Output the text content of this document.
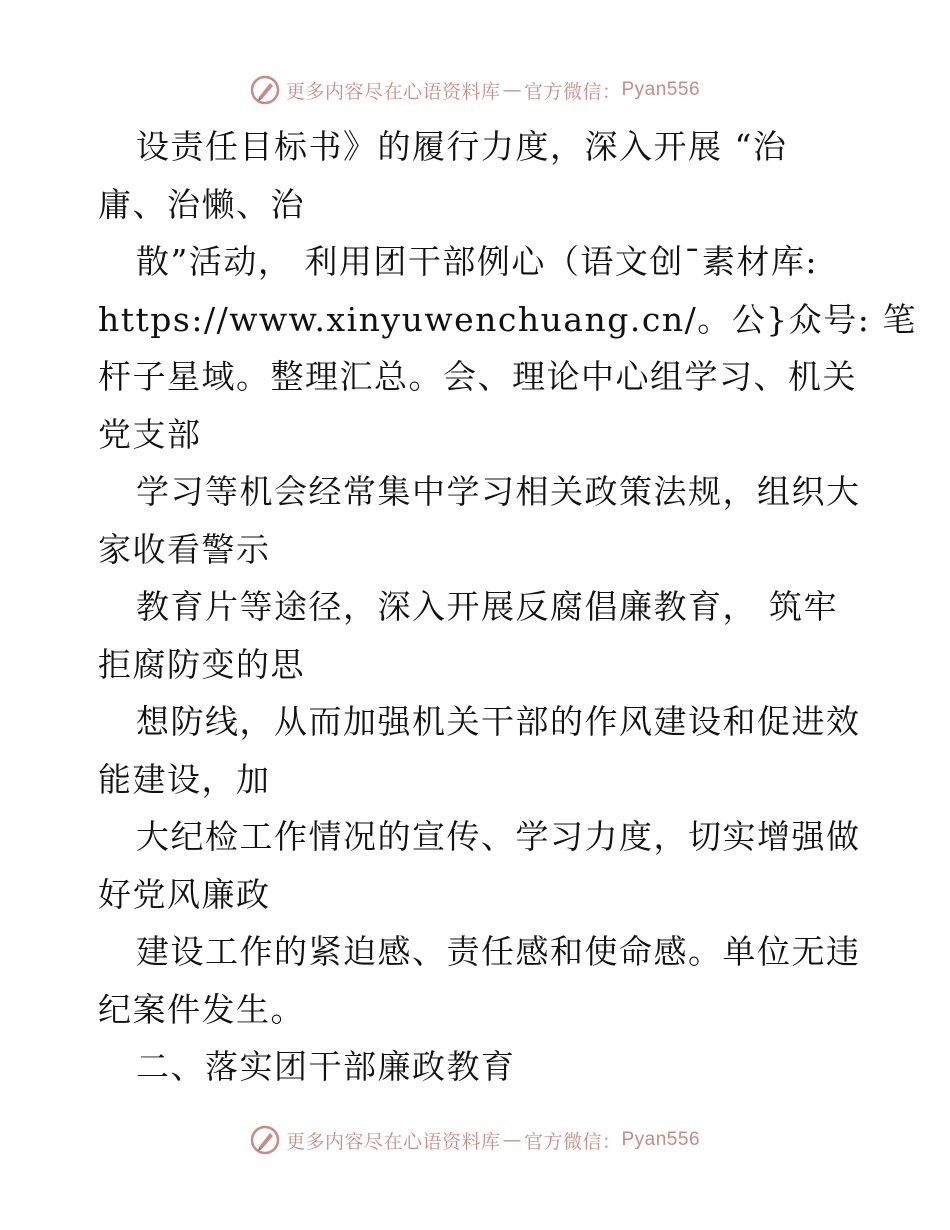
更多内容尽在心语资料库 — 官方微信： Pyan556
设责任目标书》的履行力度，深入开展 “治
庸、治懒、治
散”活动， 利用团干部例心（语文创¯素材库:
https://www.xinyuwenchuang.cn/。公}众号: 笔
杆子星域。整理汇总。会、理论中心组学习、机关
党支部
学习等机会经常集中学习相关政策法规，组织大
家收看警示
教育片等途径，深入开展反腐倡廉教育， 筑牢
拒腐防变的思
想防线，从而加强机关干部的作风建设和促进效
能建设，加
大纪检工作情况的宣传、学习力度，切实增强做
好党风廉政
建设工作的紧迫感、责任感和使命感。单位无违
纪案件发生。
二、落实团干部廉政教育
更多内容尽在心语资料库 — 官方微信： Pyan556
